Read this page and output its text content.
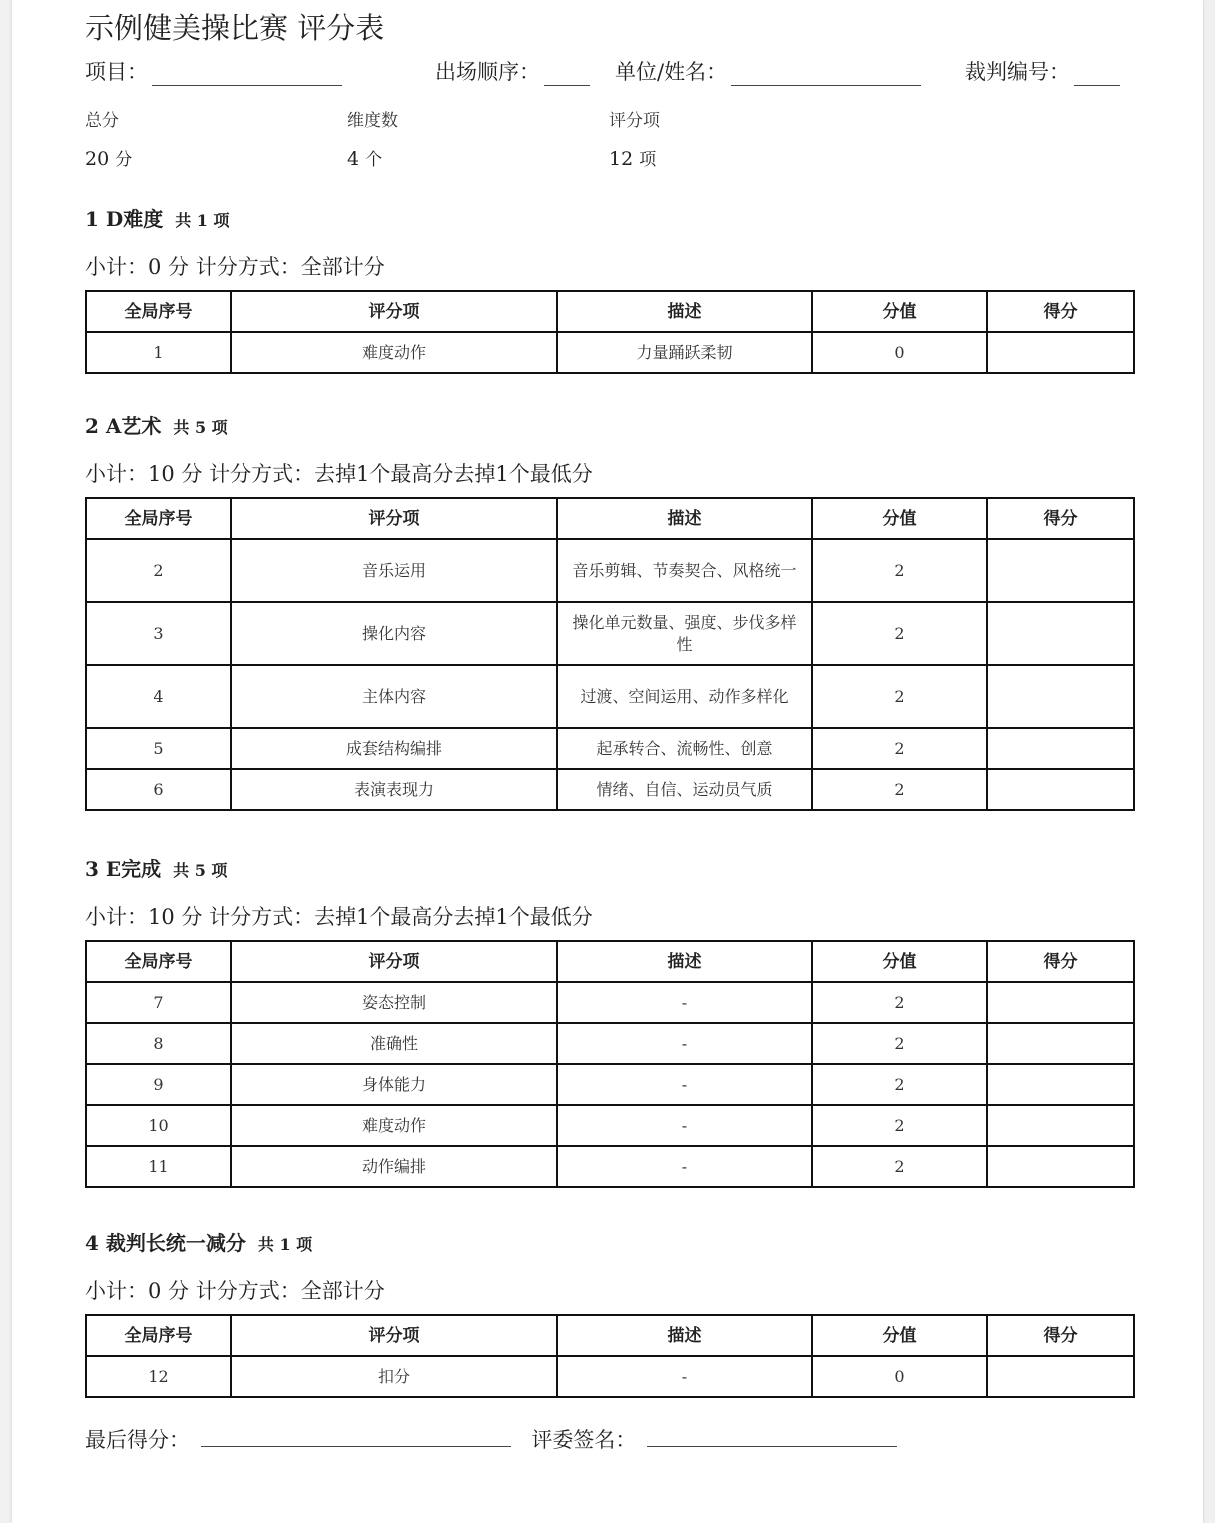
示例健美操比赛 评分表
项目：	出场顺序：	单位/姓名：	裁判编号：
总分
20 分
维度数
4 个
评分项
12 项
1 D难度 共 1 项
小计：0 分 计分方式：全部计分
全局序号	评分项	描述	分值	得分
1	难度动作	力量踊跃柔韧	0	
2 A艺术 共 5 项
小计：10 分 计分方式：去掉1个最高分去掉1个最低分
全局序号	评分项	描述	分值	得分
2	音乐运用	音乐剪辑、节奏契合、风格统一	2	
3	操化内容	操化单元数量、强度、步伐多样性	2	
4	主体内容	过渡、空间运用、动作多样化	2	
5	成套结构编排	起承转合、流畅性、创意	2	
6	表演表现力	情绪、自信、运动员气质	2	
3 E完成 共 5 项
小计：10 分 计分方式：去掉1个最高分去掉1个最低分
全局序号	评分项	描述	分值	得分
7	姿态控制	-	2	
8	准确性	-	2	
9	身体能力	-	2	
10	难度动作	-	2	
11	动作编排	-	2	
4 裁判长统一减分 共 1 项
小计：0 分 计分方式：全部计分
全局序号	评分项	描述	分值	得分
12	扣分	-	0	
最后得分：	评委签名：
